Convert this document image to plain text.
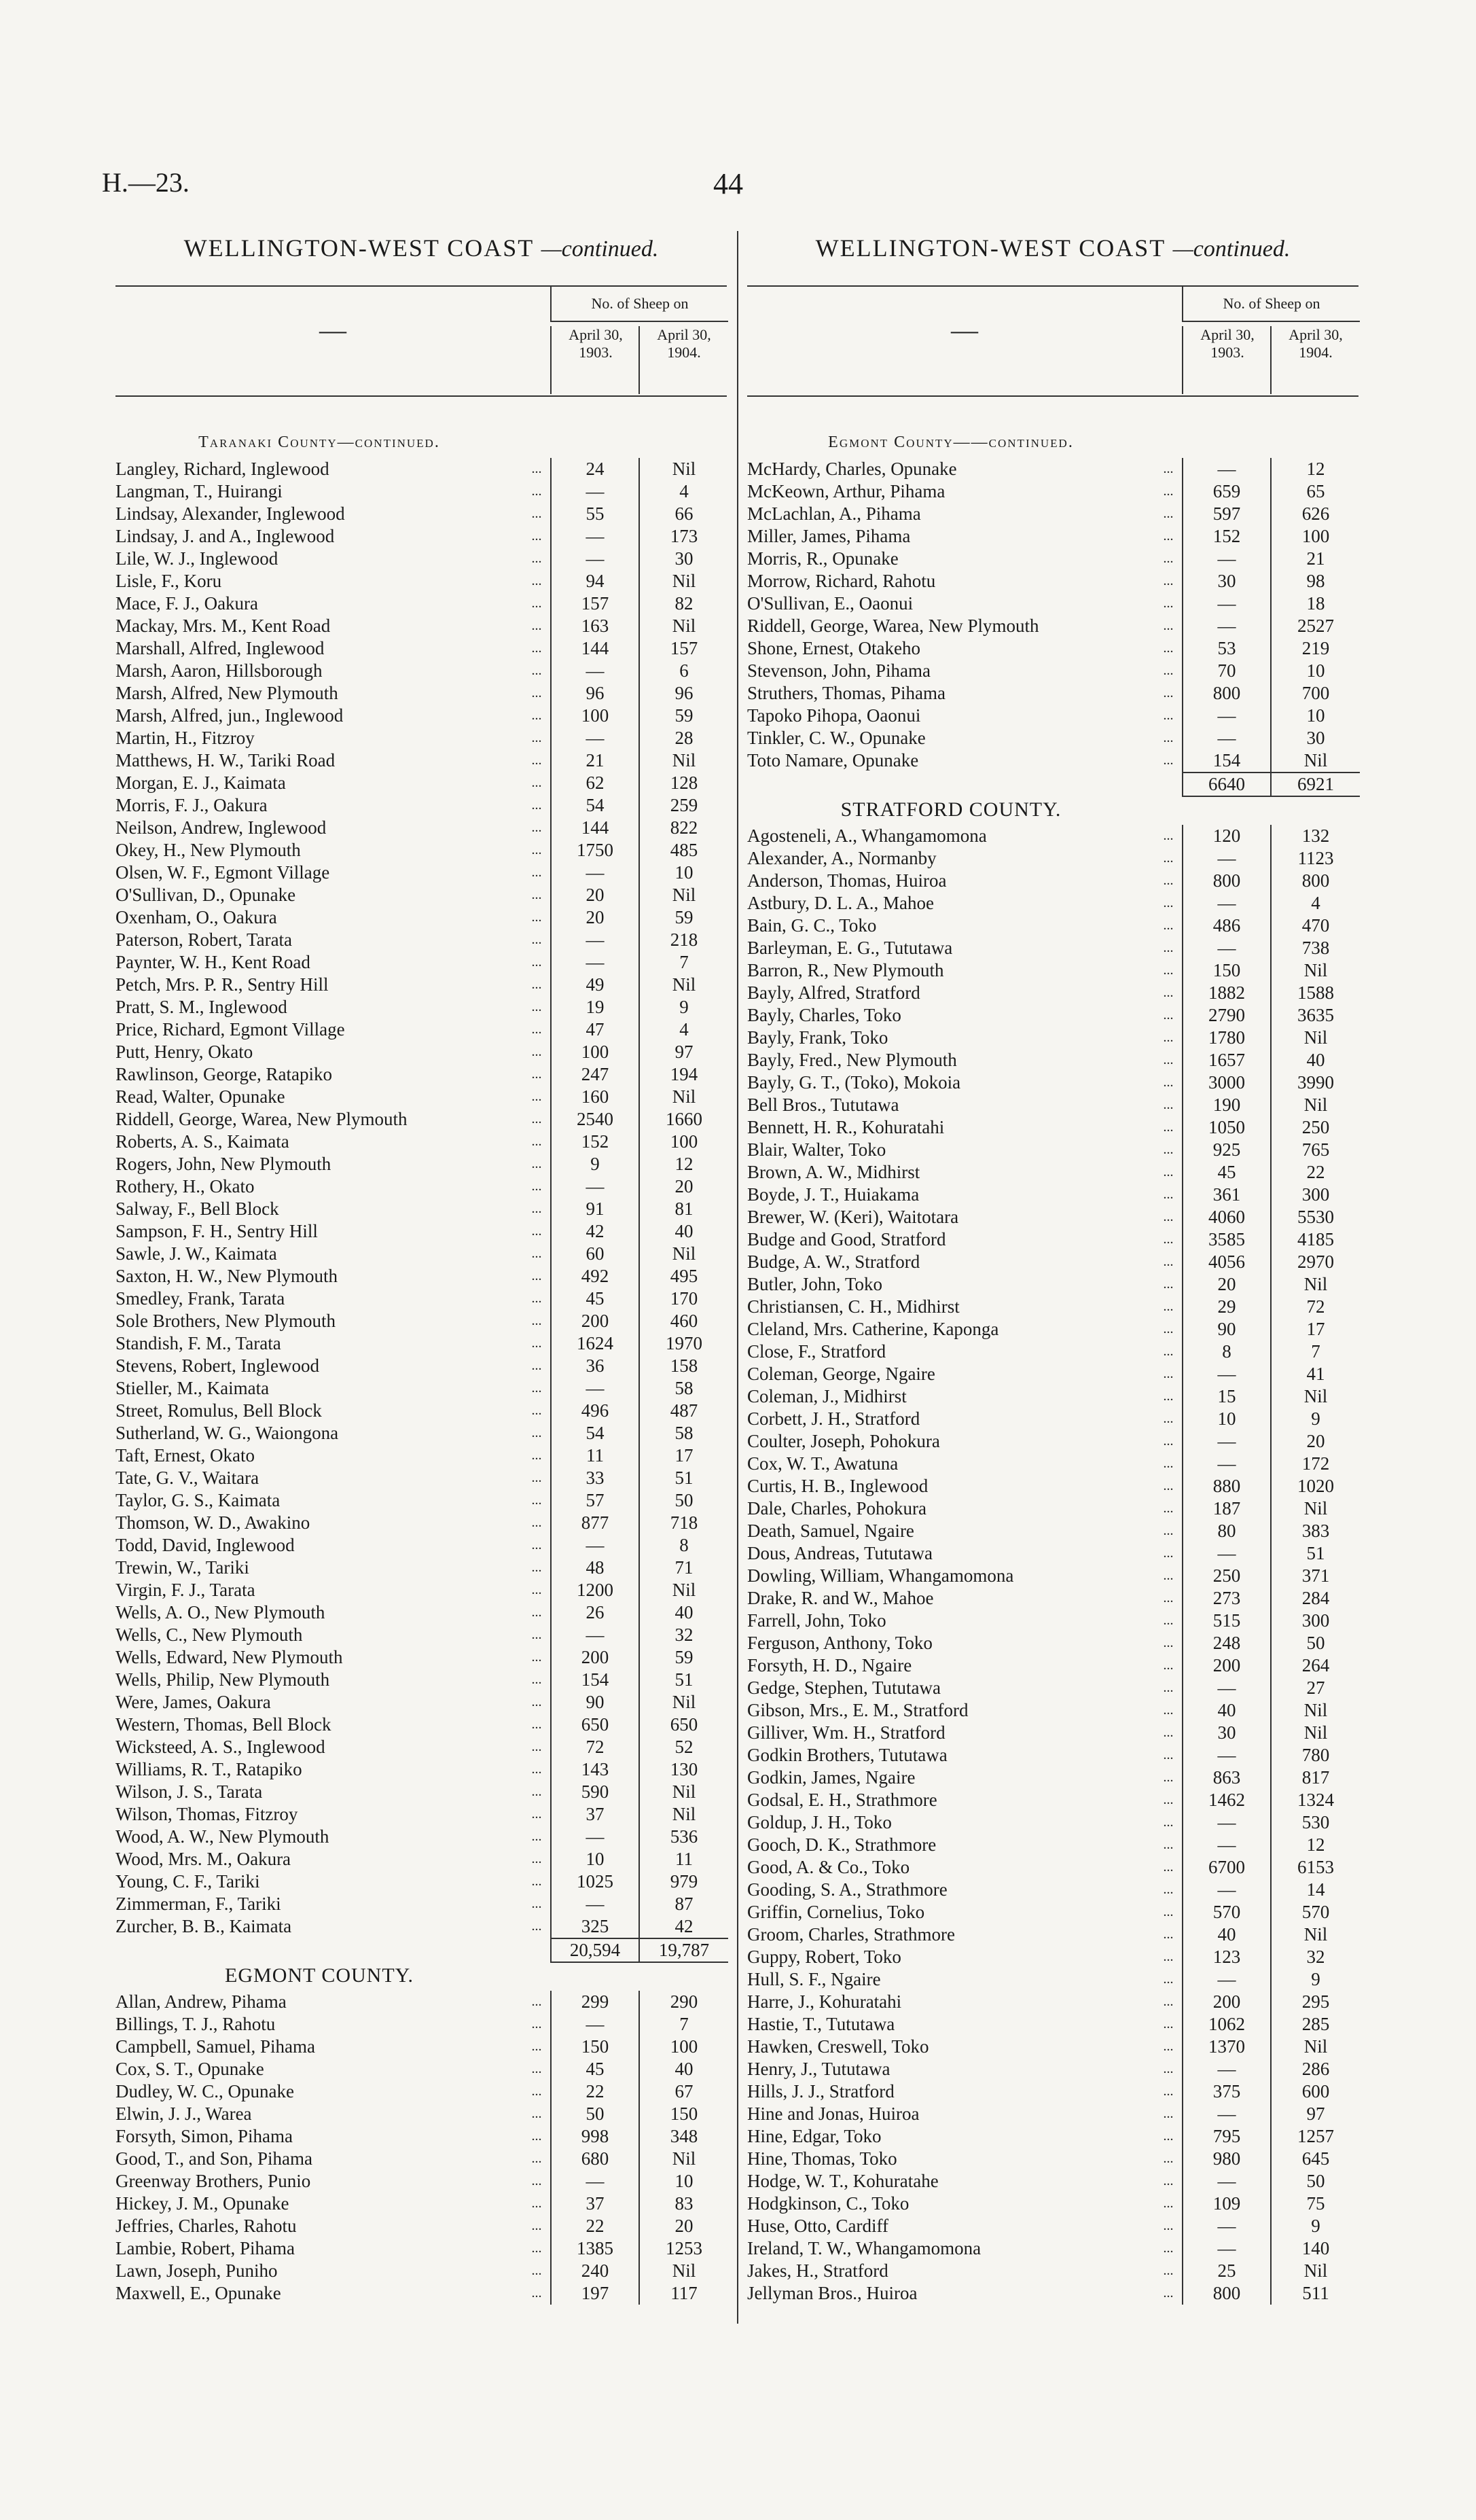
H.—23.	44
WELLINGTON-WEST COAST —continued.
—
No. of Sheep on
April 30, 1903.
April 30, 1904.
Taranaki County—continued.
Langley, Richard, Inglewood	...	24	Nil
Langman, T., Huirangi	...	—	4
Lindsay, Alexander, Inglewood	...	55	66
Lindsay, J. and A., Inglewood	...	—	173
Lile, W. J., Inglewood	...	—	30
Lisle, F., Koru	...	94	Nil
Mace, F. J., Oakura	...	157	82
Mackay, Mrs. M., Kent Road	...	163	Nil
Marshall, Alfred, Inglewood	...	144	157
Marsh, Aaron, Hillsborough	...	—	6
Marsh, Alfred, New Plymouth	...	96	96
Marsh, Alfred, jun., Inglewood	...	100	59
Martin, H., Fitzroy	...	—	28
Matthews, H. W., Tariki Road	...	21	Nil
Morgan, E. J., Kaimata	...	62	128
Morris, F. J., Oakura	...	54	259
Neilson, Andrew, Inglewood	...	144	822
Okey, H., New Plymouth	...	1750	485
Olsen, W. F., Egmont Village	...	—	10
O'Sullivan, D., Opunake	...	20	Nil
Oxenham, O., Oakura	...	20	59
Paterson, Robert, Tarata	...	—	218
Paynter, W. H., Kent Road	...	—	7
Petch, Mrs. P. R., Sentry Hill	...	49	Nil
Pratt, S. M., Inglewood	...	19	9
Price, Richard, Egmont Village	...	47	4
Putt, Henry, Okato	...	100	97
Rawlinson, George, Ratapiko	...	247	194
Read, Walter, Opunake	...	160	Nil
Riddell, George, Warea, New Plymouth	...	2540	1660
Roberts, A. S., Kaimata	...	152	100
Rogers, John, New Plymouth	...	9	12
Rothery, H., Okato	...	—	20
Salway, F., Bell Block	...	91	81
Sampson, F. H., Sentry Hill	...	42	40
Sawle, J. W., Kaimata	...	60	Nil
Saxton, H. W., New Plymouth	...	492	495
Smedley, Frank, Tarata	...	45	170
Sole Brothers, New Plymouth	...	200	460
Standish, F. M., Tarata	...	1624	1970
Stevens, Robert, Inglewood	...	36	158
Stieller, M., Kaimata	...	—	58
Street, Romulus, Bell Block	...	496	487
Sutherland, W. G., Waiongona	...	54	58
Taft, Ernest, Okato	...	11	17
Tate, G. V., Waitara	...	33	51
Taylor, G. S., Kaimata	...	57	50
Thomson, W. D., Awakino	...	877	718
Todd, David, Inglewood	...	—	8
Trewin, W., Tariki	...	48	71
Virgin, F. J., Tarata	...	1200	Nil
Wells, A. O., New Plymouth	...	26	40
Wells, C., New Plymouth	...	—	32
Wells, Edward, New Plymouth	...	200	59
Wells, Philip, New Plymouth	...	154	51
Were, James, Oakura	...	90	Nil
Western, Thomas, Bell Block	...	650	650
Wicksteed, A. S., Inglewood	...	72	52
Williams, R. T., Ratapiko	...	143	130
Wilson, J. S., Tarata	...	590	Nil
Wilson, Thomas, Fitzroy	...	37	Nil
Wood, A. W., New Plymouth	...	—	536
Wood, Mrs. M., Oakura	...	10	11
Young, C. F., Tariki	...	1025	979
Zimmerman, F., Tariki	...	—	87
Zurcher, B. B., Kaimata	...	325	42
20,594	19,787
EGMONT COUNTY.
Allan, Andrew, Pihama	...	299	290
Billings, T. J., Rahotu	...	—	7
Campbell, Samuel, Pihama	...	150	100
Cox, S. T., Opunake	...	45	40
Dudley, W. C., Opunake	...	22	67
Elwin, J. J., Warea	...	50	150
Forsyth, Simon, Pihama	...	998	348
Good, T., and Son, Pihama	...	680	Nil
Greenway Brothers, Punio	...	—	10
Hickey, J. M., Opunake	...	37	83
Jeffries, Charles, Rahotu	...	22	20
Lambie, Robert, Pihama	...	1385	1253
Lawn, Joseph, Puniho	...	240	Nil
Maxwell, E., Opunake	...	197	117
WELLINGTON-WEST COAST —continued.
—
No. of Sheep on
April 30, 1903.
April 30, 1904.
Egmont County——continued.
McHardy, Charles, Opunake	...	—	12
McKeown, Arthur, Pihama	...	659	65
McLachlan, A., Pihama	...	597	626
Miller, James, Pihama	...	152	100
Morris, R., Opunake	...	—	21
Morrow, Richard, Rahotu	...	30	98
O'Sullivan, E., Oaonui	...	—	18
Riddell, George, Warea, New Plymouth	...	—	2527
Shone, Ernest, Otakeho	...	53	219
Stevenson, John, Pihama	...	70	10
Struthers, Thomas, Pihama	...	800	700
Tapoko Pihopa, Oaonui	...	—	10
Tinkler, C. W., Opunake	...	—	30
Toto Namare, Opunake	...	154	Nil
6640	6921
STRATFORD COUNTY.
Agosteneli, A., Whangamomona	...	120	132
Alexander, A., Normanby	...	—	1123
Anderson, Thomas, Huiroa	...	800	800
Astbury, D. L. A., Mahoe	...	—	4
Bain, G. C., Toko	...	486	470
Barleyman, E. G., Tututawa	...	—	738
Barron, R., New Plymouth	...	150	Nil
Bayly, Alfred, Stratford	...	1882	1588
Bayly, Charles, Toko	...	2790	3635
Bayly, Frank, Toko	...	1780	Nil
Bayly, Fred., New Plymouth	...	1657	40
Bayly, G. T., (Toko), Mokoia	...	3000	3990
Bell Bros., Tututawa	...	190	Nil
Bennett, H. R., Kohuratahi	...	1050	250
Blair, Walter, Toko	...	925	765
Brown, A. W., Midhirst	...	45	22
Boyde, J. T., Huiakama	...	361	300
Brewer, W. (Keri), Waitotara	...	4060	5530
Budge and Good, Stratford	...	3585	4185
Budge, A. W., Stratford	...	4056	2970
Butler, John, Toko	...	20	Nil
Christiansen, C. H., Midhirst	...	29	72
Cleland, Mrs. Catherine, Kaponga	...	90	17
Close, F., Stratford	...	8	7
Coleman, George, Ngaire	...	—	41
Coleman, J., Midhirst	...	15	Nil
Corbett, J. H., Stratford	...	10	9
Coulter, Joseph, Pohokura	...	—	20
Cox, W. T., Awatuna	...	—	172
Curtis, H. B., Inglewood	...	880	1020
Dale, Charles, Pohokura	...	187	Nil
Death, Samuel, Ngaire	...	80	383
Dous, Andreas, Tututawa	...	—	51
Dowling, William, Whangamomona	...	250	371
Drake, R. and W., Mahoe	...	273	284
Farrell, John, Toko	...	515	300
Ferguson, Anthony, Toko	...	248	50
Forsyth, H. D., Ngaire	...	200	264
Gedge, Stephen, Tututawa	...	—	27
Gibson, Mrs., E. M., Stratford	...	40	Nil
Gilliver, Wm. H., Stratford	...	30	Nil
Godkin Brothers, Tututawa	...	—	780
Godkin, James, Ngaire	...	863	817
Godsal, E. H., Strathmore	...	1462	1324
Goldup, J. H., Toko	...	—	530
Gooch, D. K., Strathmore	...	—	12
Good, A. & Co., Toko	...	6700	6153
Gooding, S. A., Strathmore	...	—	14
Griffin, Cornelius, Toko	...	570	570
Groom, Charles, Strathmore	...	40	Nil
Guppy, Robert, Toko	...	123	32
Hull, S. F., Ngaire	...	—	9
Harre, J., Kohuratahi	...	200	295
Hastie, T., Tututawa	...	1062	285
Hawken, Creswell, Toko	...	1370	Nil
Henry, J., Tututawa	...	—	286
Hills, J. J., Stratford	...	375	600
Hine and Jonas, Huiroa	...	—	97
Hine, Edgar, Toko	...	795	1257
Hine, Thomas, Toko	...	980	645
Hodge, W. T., Kohuratahe	...	—	50
Hodgkinson, C., Toko	...	109	75
Huse, Otto, Cardiff	...	—	9
Ireland, T. W., Whangamomona	...	—	140
Jakes, H., Stratford	...	25	Nil
Jellyman Bros., Huiroa	...	800	511
